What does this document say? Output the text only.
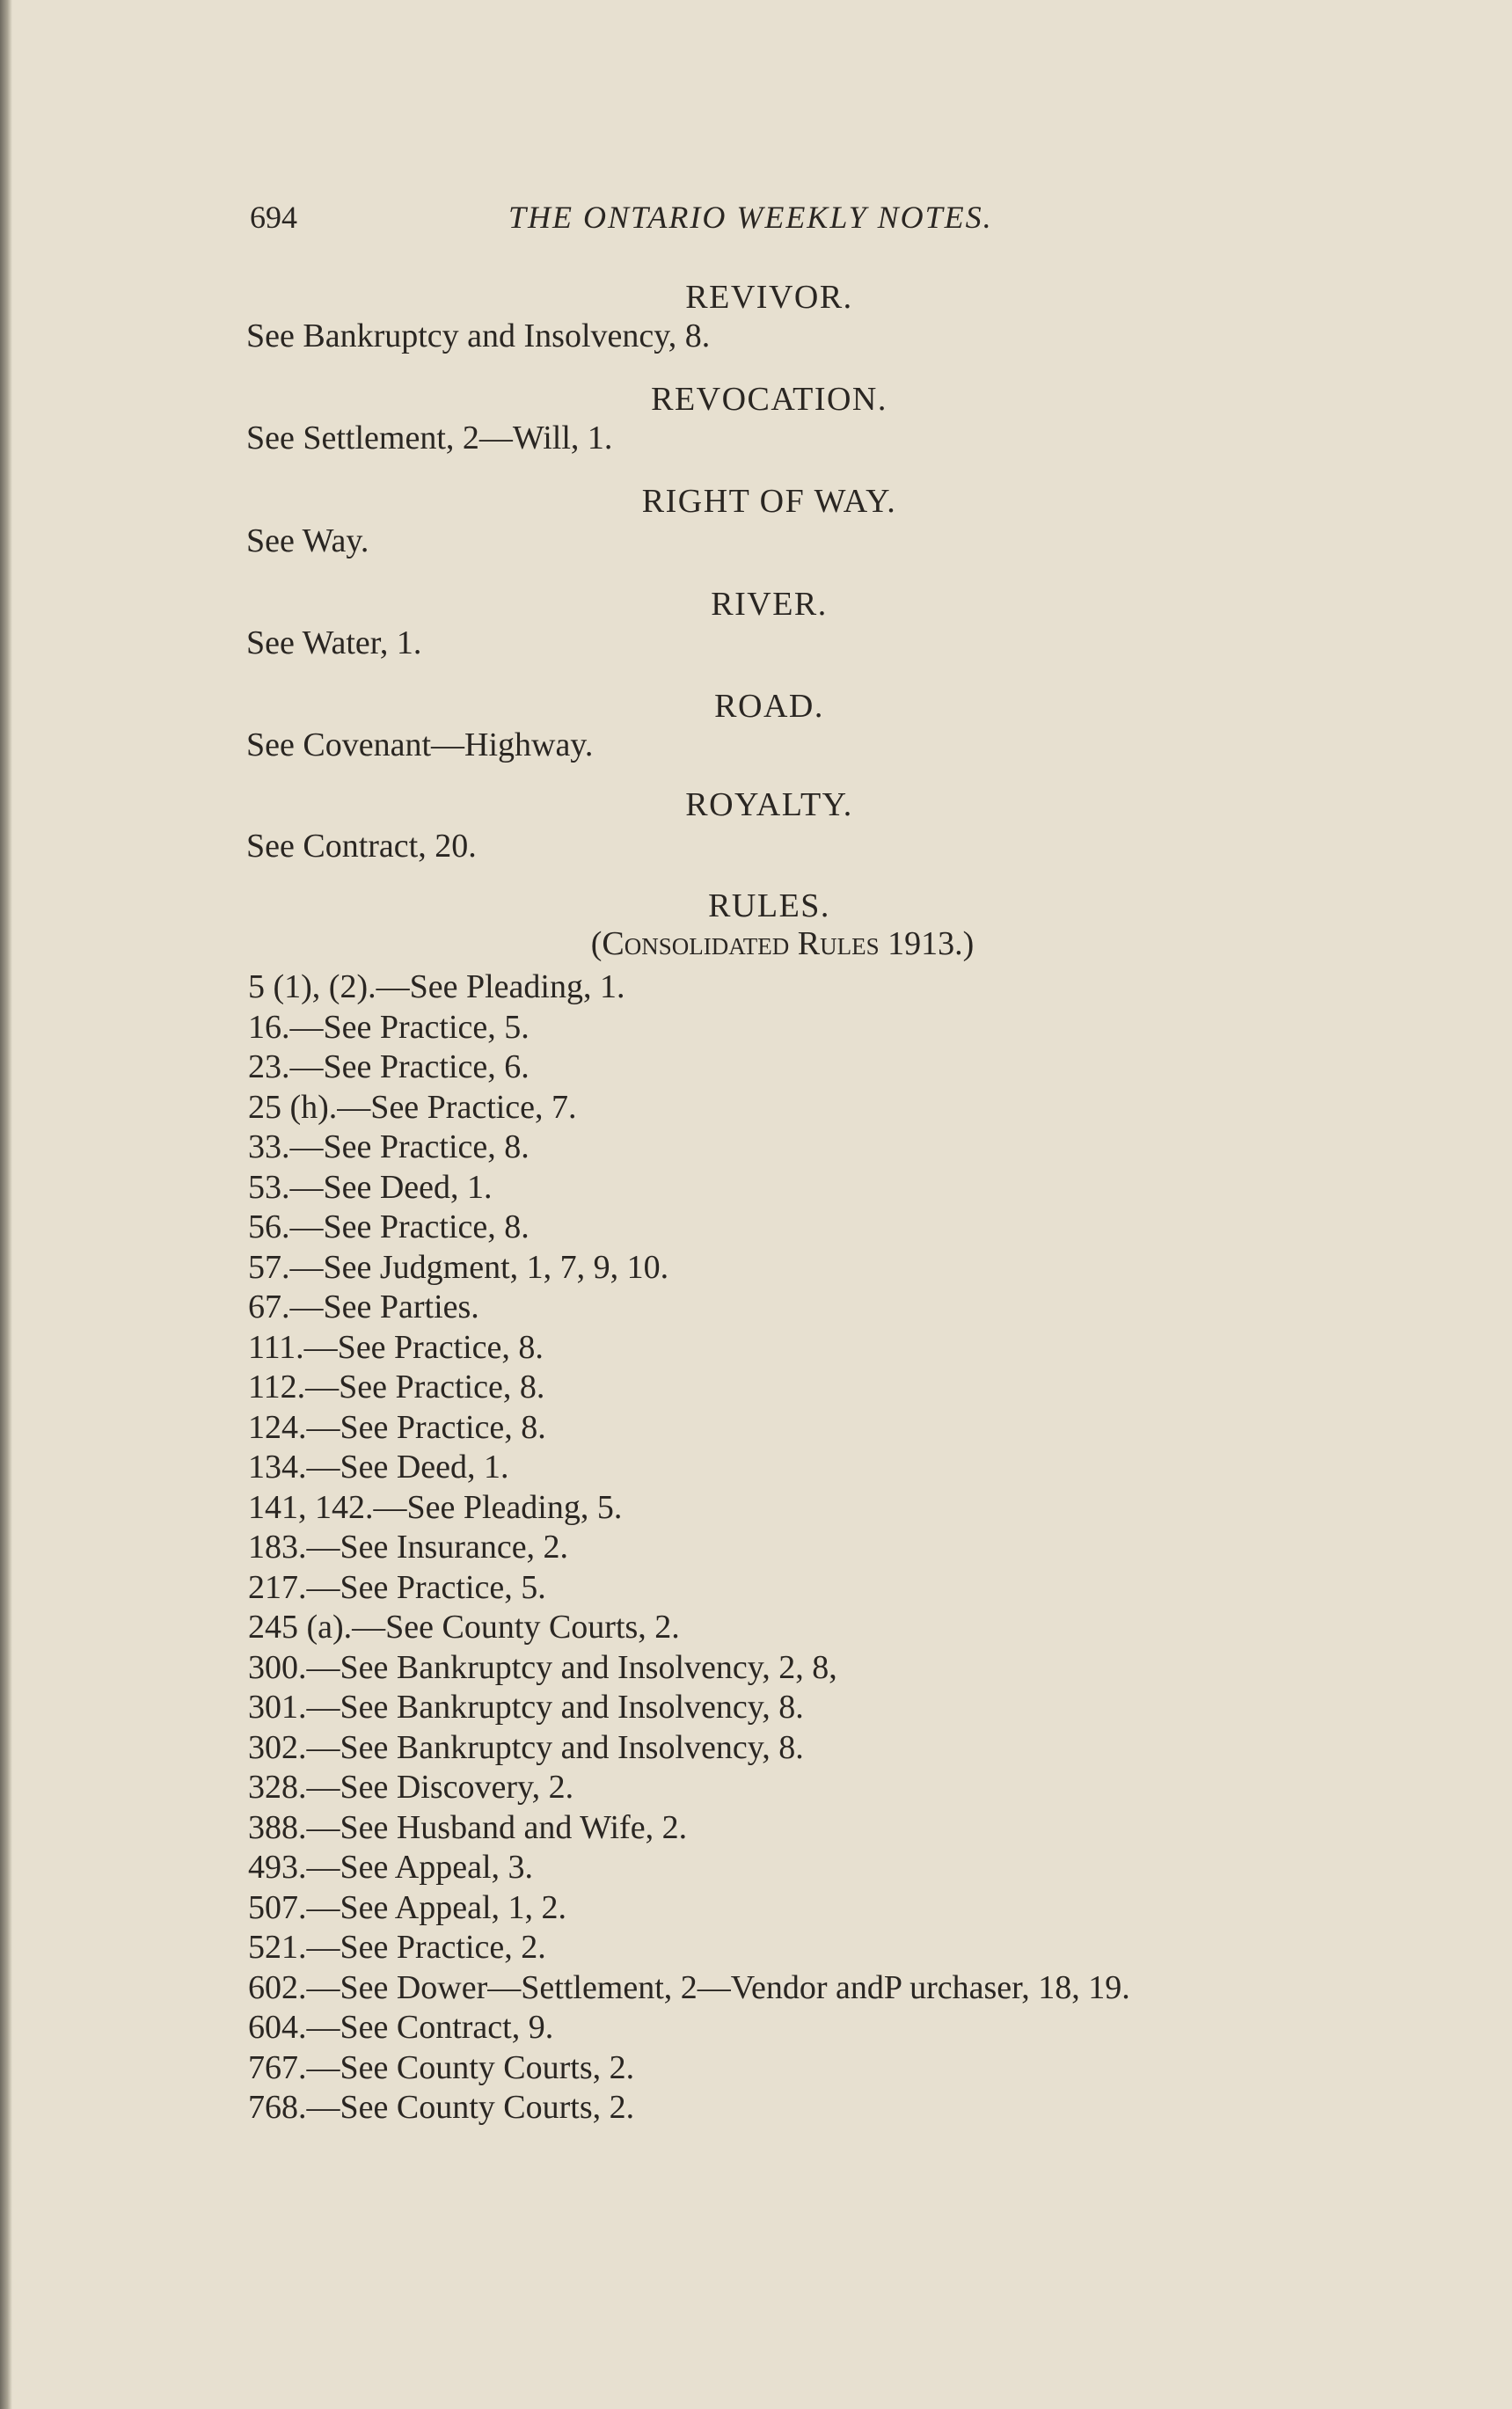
694	THE ONTARIO WEEKLY NOTES.
REVIVOR.
See Bankruptcy and Insolvency, 8.
REVOCATION.
See Settlement, 2—Will, 1.
RIGHT OF WAY.
See Way.
RIVER.
See Water, 1.
ROAD.
See Covenant—Highway.
ROYALTY.
See Contract, 20.
RULES.
(Consolidated Rules 1913.)
5 (1), (2).—See Pleading, 1.
16.—See Practice, 5.
23.—See Practice, 6.
25 (h).—See Practice, 7.
33.—See Practice, 8.
53.—See Deed, 1.
56.—See Practice, 8.
57.—See Judgment, 1, 7, 9, 10.
67.—See Parties.
111.—See Practice, 8.
112.—See Practice, 8.
124.—See Practice, 8.
134.—See Deed, 1.
141, 142.—See Pleading, 5.
183.—See Insurance, 2.
217.—See Practice, 5.
245 (a).—See County Courts, 2.
300.—See Bankruptcy and Insolvency, 2, 8,
301.—See Bankruptcy and Insolvency, 8.
302.—See Bankruptcy and Insolvency, 8.
328.—See Discovery, 2.
388.—See Husband and Wife, 2.
493.—See Appeal, 3.
507.—See Appeal, 1, 2.
521.—See Practice, 2.
602.—See Dower—Settlement, 2—Vendor andP urchaser, 18, 19.
604.—See Contract, 9.
767.—See County Courts, 2.
768.—See County Courts, 2.
